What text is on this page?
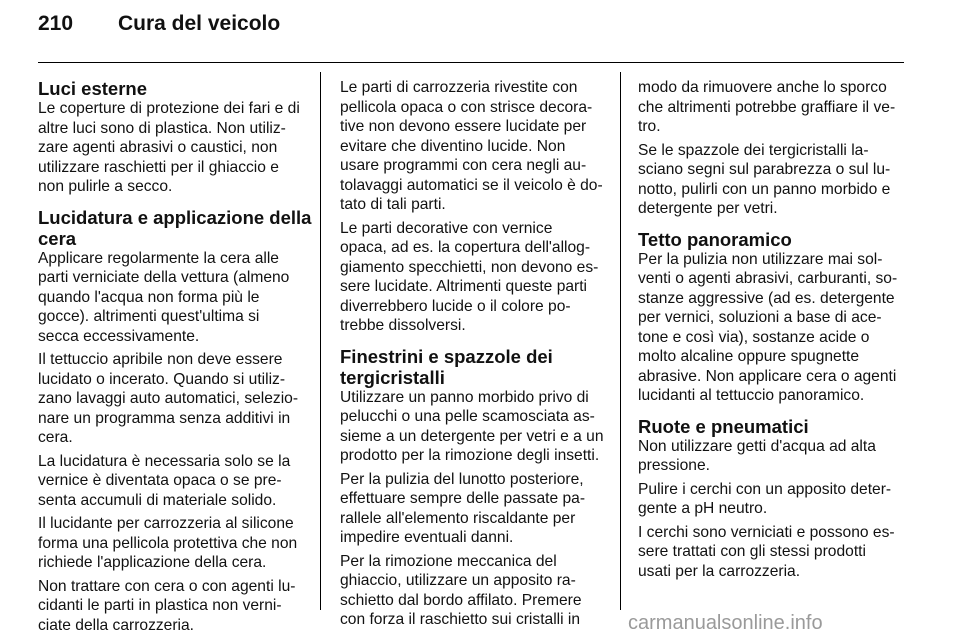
210 Cura del veicolo
Luci esterne
Le coperture di protezione dei fari e di
altre luci sono di plastica. Non utiliz-
zare agenti abrasivi o caustici, non
utilizzare raschietti per il ghiaccio e
non pulirle a secco.
Lucidatura e applicazione della
cera
Applicare regolarmente la cera alle
parti verniciate della vettura (almeno
quando l'acqua non forma più le
gocce). altrimenti quest'ultima si
secca eccessivamente.
Il tettuccio apribile non deve essere
lucidato o incerato. Quando si utiliz-
zano lavaggi auto automatici, selezio-
nare un programma senza additivi in
cera.
La lucidatura è necessaria solo se la
vernice è diventata opaca o se pre-
senta accumuli di materiale solido.
Il lucidante per carrozzeria al silicone
forma una pellicola protettiva che non
richiede l'applicazione della cera.
Non trattare con cera o con agenti lu-
cidanti le parti in plastica non verni-
ciate della carrozzeria.
Le parti di carrozzeria rivestite con
pellicola opaca o con strisce decora-
tive non devono essere lucidate per
evitare che diventino lucide. Non
usare programmi con cera negli au-
tolavaggi automatici se il veicolo è do-
tato di tali parti.
Le parti decorative con vernice
opaca, ad es. la copertura dell'allog-
giamento specchietti, non devono es-
sere lucidate. Altrimenti queste parti
diverrebbero lucide o il colore po-
trebbe dissolversi.
Finestrini e spazzole dei
tergicristalli
Utilizzare un panno morbido privo di
pelucchi o una pelle scamosciata as-
sieme a un detergente per vetri e a un
prodotto per la rimozione degli insetti.
Per la pulizia del lunotto posteriore,
effettuare sempre delle passate pa-
rallele all'elemento riscaldante per
impedire eventuali danni.
Per la rimozione meccanica del
ghiaccio, utilizzare un apposito ra-
schietto dal bordo affilato. Premere
con forza il raschietto sui cristalli in
modo da rimuovere anche lo sporco
che altrimenti potrebbe graffiare il ve-
tro.
Se le spazzole dei tergicristalli la-
sciano segni sul parabrezza o sul lu-
notto, pulirli con un panno morbido e
detergente per vetri.
Tetto panoramico
Per la pulizia non utilizzare mai sol-
venti o agenti abrasivi, carburanti, so-
stanze aggressive (ad es. detergente
per vernici, soluzioni a base di ace-
tone e così via), sostanze acide o
molto alcaline oppure spugnette
abrasive. Non applicare cera o agenti
lucidanti al tettuccio panoramico.
Ruote e pneumatici
Non utilizzare getti d'acqua ad alta
pressione.
Pulire i cerchi con un apposito deter-
gente a pH neutro.
I cerchi sono verniciati e possono es-
sere trattati con gli stessi prodotti
usati per la carrozzeria.
carmanualsonline.info
